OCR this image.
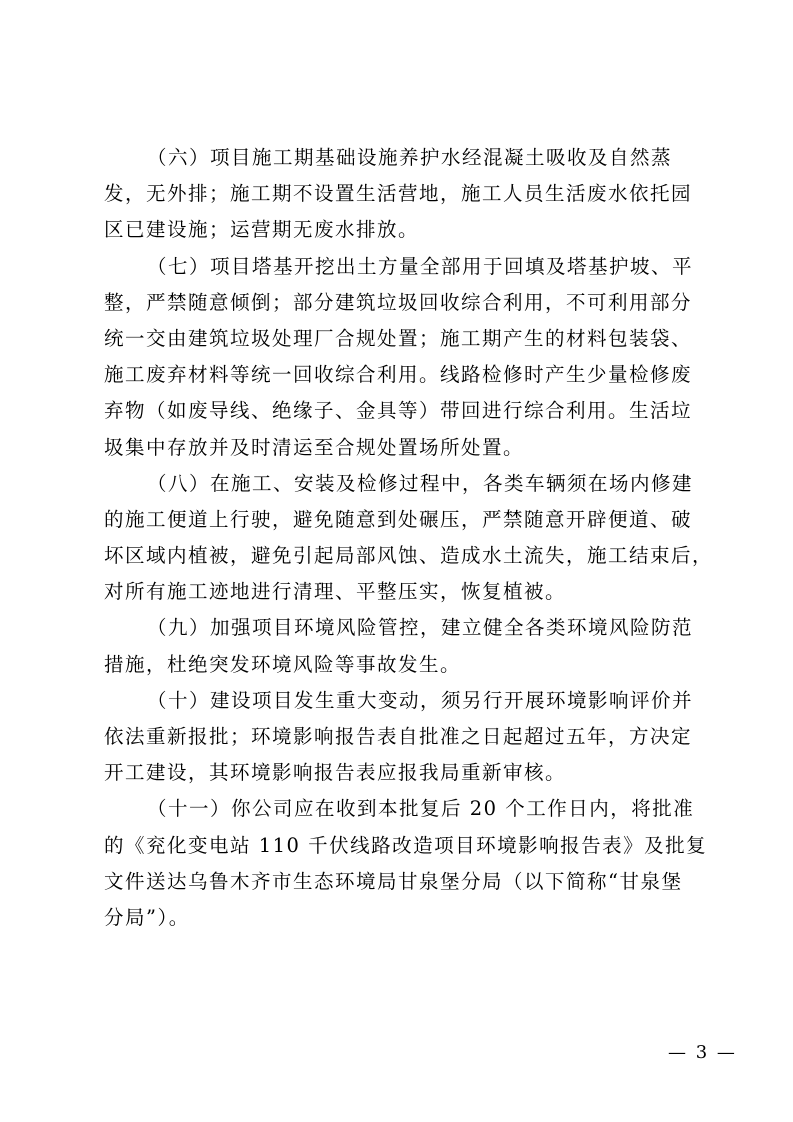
（六）项目施工期基础设施养护水经混凝土吸收及自然蒸
发，无外排；施工期不设置生活营地，施工人员生活废水依托园
区已建设施；运营期无废水排放。

（七）项目塔基开挖出土方量全部用于回填及塔基护坡、平
整，严禁随意倾倒；部分建筑垃圾回收综合利用，不可利用部分
统一交由建筑垃圾处理厂合规处置；施工期产生的材料包装袋、
施工废弃材料等统一回收综合利用。线路检修时产生少量检修废
弃物（如废导线、绝缘子、金具等）带回进行综合利用。生活垃
圾集中存放并及时清运至合规处置场所处置。

（八）在施工、安装及检修过程中，各类车辆须在场内修建
的施工便道上行驶，避免随意到处碾压，严禁随意开辟便道、破
坏区域内植被，避免引起局部风蚀、造成水土流失，施工结束后，
对所有施工迹地进行清理、平整压实，恢复植被。

（九）加强项目环境风险管控，建立健全各类环境风险防范
措施，杜绝突发环境风险等事故发生。

（十）建设项目发生重大变动，须另行开展环境影响评价并
依法重新报批；环境影响报告表自批准之日起超过五年，方决定
开工建设，其环境影响报告表应报我局重新审核。

（十一）你公司应在收到本批复后 20 个工作日内，将批准
的《兖化变电站 110 千伏线路改造项目环境影响报告表》及批复
文件送达乌鲁木齐市生态环境局甘泉堡分局（以下简称“甘泉堡
分局”）。

— 3 —
